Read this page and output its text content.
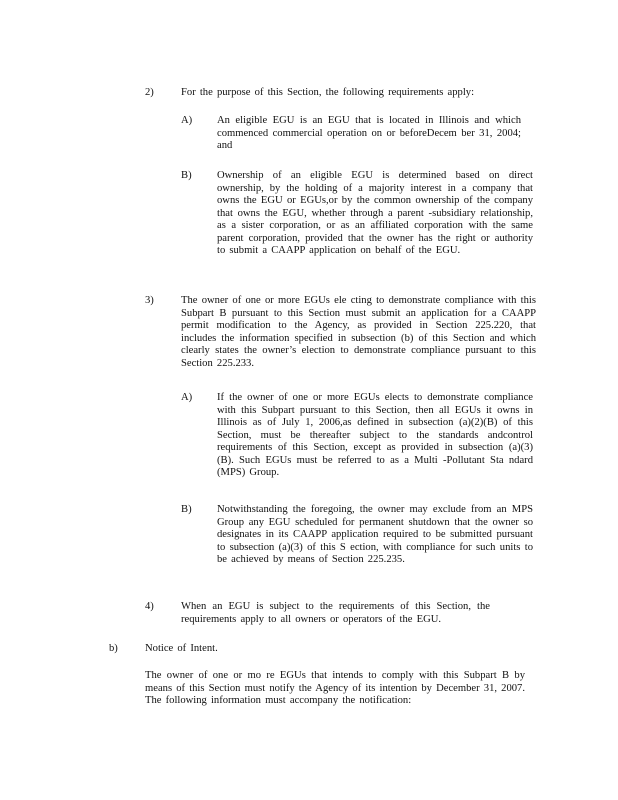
2)	For the purpose of this Section, the following requirements apply:
A) An eligible EGU is an EGU that is located in Illinois and which commenced commercial operation on or beforeDecem ber 31, 2004; and
B) Ownership of an eligible EGU is determined based on direct ownership, by the holding of a majority interest in a company that owns the EGU or EGUs,or by the common ownership of the company that owns the EGU, whether through a parent -subsidiary relationship, as a sister corporation, or as an affiliated corporation with the same parent corporation, provided that the owner has the right or authority to submit a CAAPP application on behalf of the EGU.
3)	The owner of one or more EGUs ele cting to demonstrate compliance with this Subpart B pursuant to this Section must submit an application for a CAAPP permit modification to the Agency, as provided in Section 225.220, that includes the information specified in subsection (b) of this Section and which clearly states the owner’s election to demonstrate compliance pursuant to this Section 225.233.
A) If the owner of one or more EGUs elects to demonstrate compliance with this Subpart pursuant to this Section, then all EGUs it owns in Illinois as of July 1, 2006,as defined in subsection (a)(2)(B) of this Section, must be thereafter subject to the standards andcontrol requirements of this Section, except as provided in subsection (a)(3)(B). Such EGUs must be referred to as a Multi -Pollutant Sta ndard (MPS) Group.
B) Notwithstanding the foregoing, the owner may exclude from an MPS Group any EGU scheduled for permanent shutdown that the owner so designates in its CAAPP application required to be submitted pursuant to subsection (a)(3) of this S ection, with compliance for such units to be achieved by means of Section 225.235.
4)	When an EGU is subject to the requirements of this Section, the requirements apply to all owners or operators of the EGU.
b)	Notice of Intent.
The owner of one or mo re EGUs that intends to comply with this Subpart B by means of this Section must notify the Agency of its intention by December 31, 2007. The following information must accompany the notification:
